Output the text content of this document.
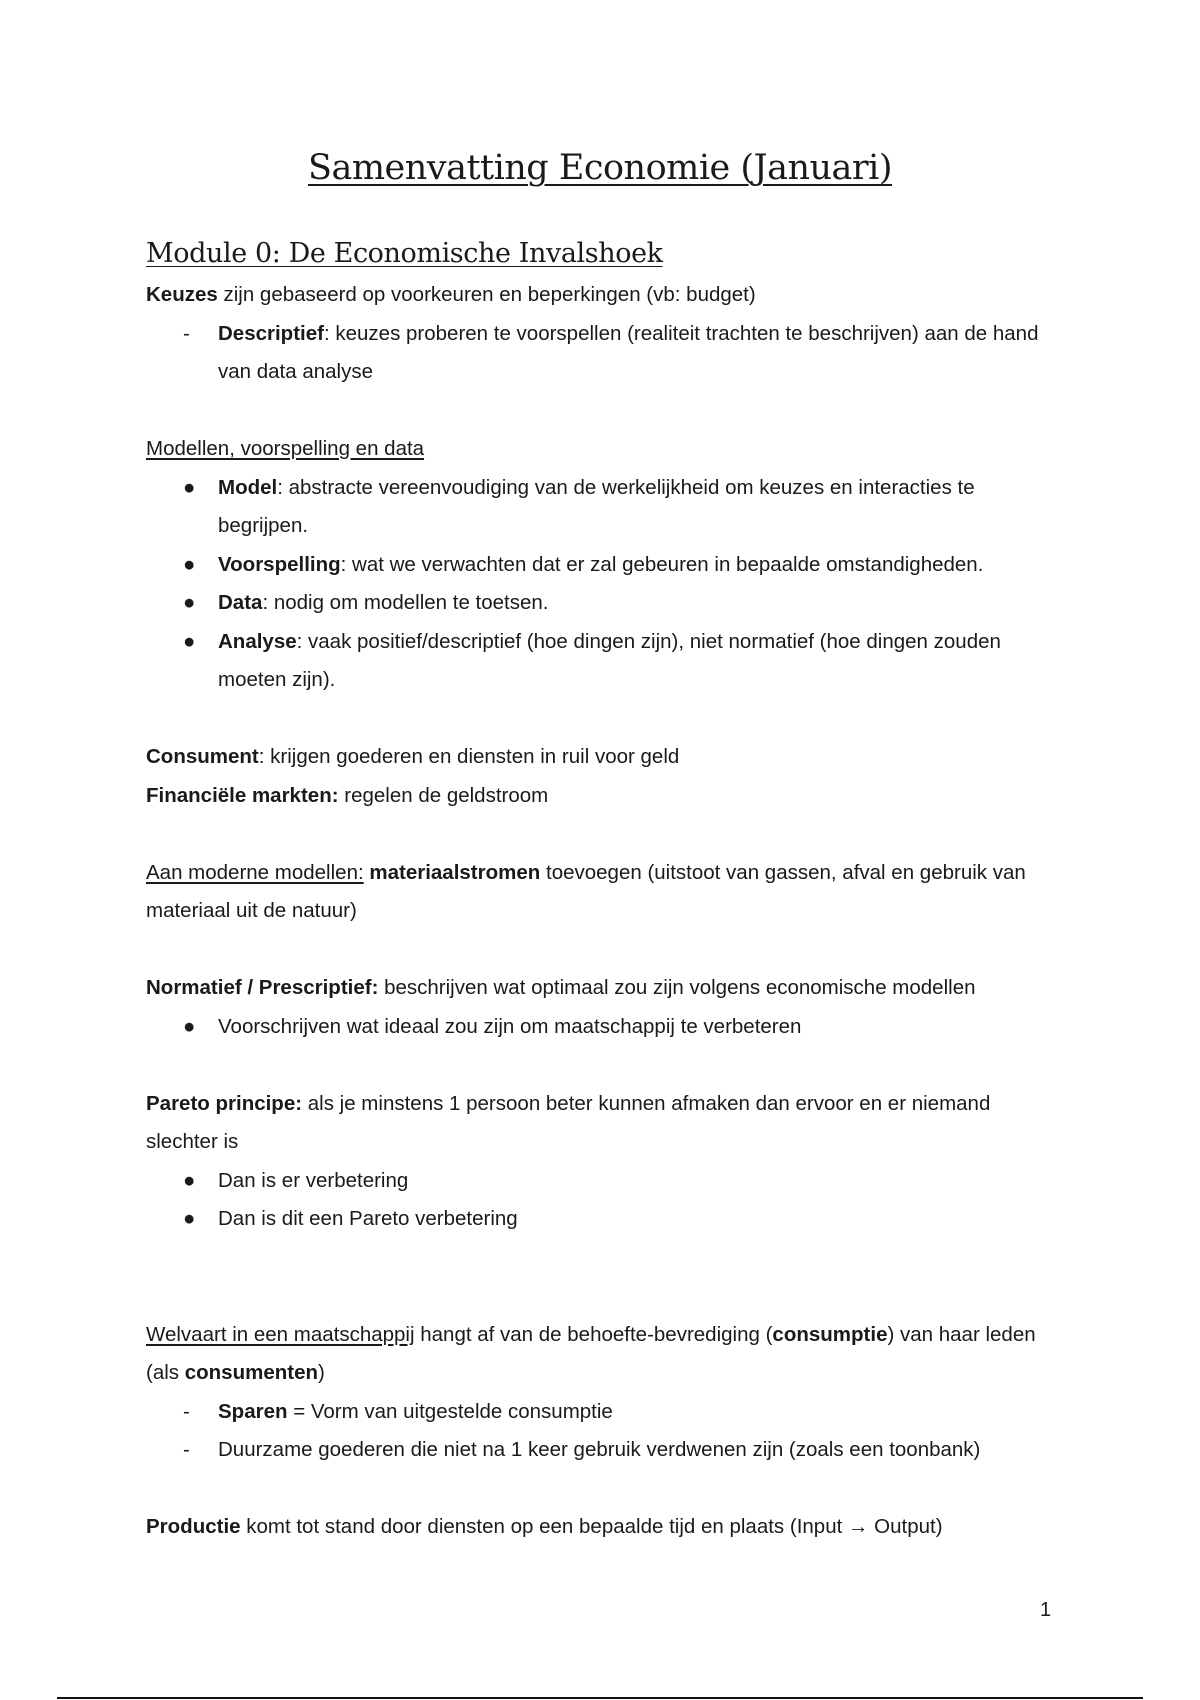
Samenvatting Economie (Januari)
Module 0: De Economische Invalshoek

Keuzes zijn gebaseerd op voorkeuren en beperkingen (vb: budget)

- Descriptief: keuzes proberen te voorspellen (realiteit trachten te beschrijven) aan de hand van data analyse

Modellen, voorspelling en data

● Model: abstracte vereenvoudiging van de werkelijkheid om keuzes en interacties te begrijpen.
● Voorspelling: wat we verwachten dat er zal gebeuren in bepaalde omstandigheden.
● Data: nodig om modellen te toetsen.
● Analyse: vaak positief/descriptief (hoe dingen zijn), niet normatief (hoe dingen zouden moeten zijn).

Consument: krijgen goederen en diensten in ruil voor geld

Financiële markten: regelen de geldstroom

Aan moderne modellen: materiaalstromen toevoegen (uitstoot van gassen, afval en gebruik van materiaal uit de natuur)

Normatief / Prescriptief: beschrijven wat optimaal zou zijn volgens economische modellen

● Voorschrijven wat ideaal zou zijn om maatschappij te verbeteren

Pareto principe: als je minstens 1 persoon beter kunnen afmaken dan ervoor en er niemand slechter is

● Dan is er verbetering
● Dan is dit een Pareto verbetering

Welvaart in een maatschappij hangt af van de behoefte-bevrediging (consumptie) van haar leden (als consumenten)

- Sparen = Vorm van uitgestelde consumptie
- Duurzame goederen die niet na 1 keer gebruik verdwenen zijn (zoals een toonbank)

Productie komt tot stand door diensten op een bepaalde tijd en plaats (Input → Output)

1
